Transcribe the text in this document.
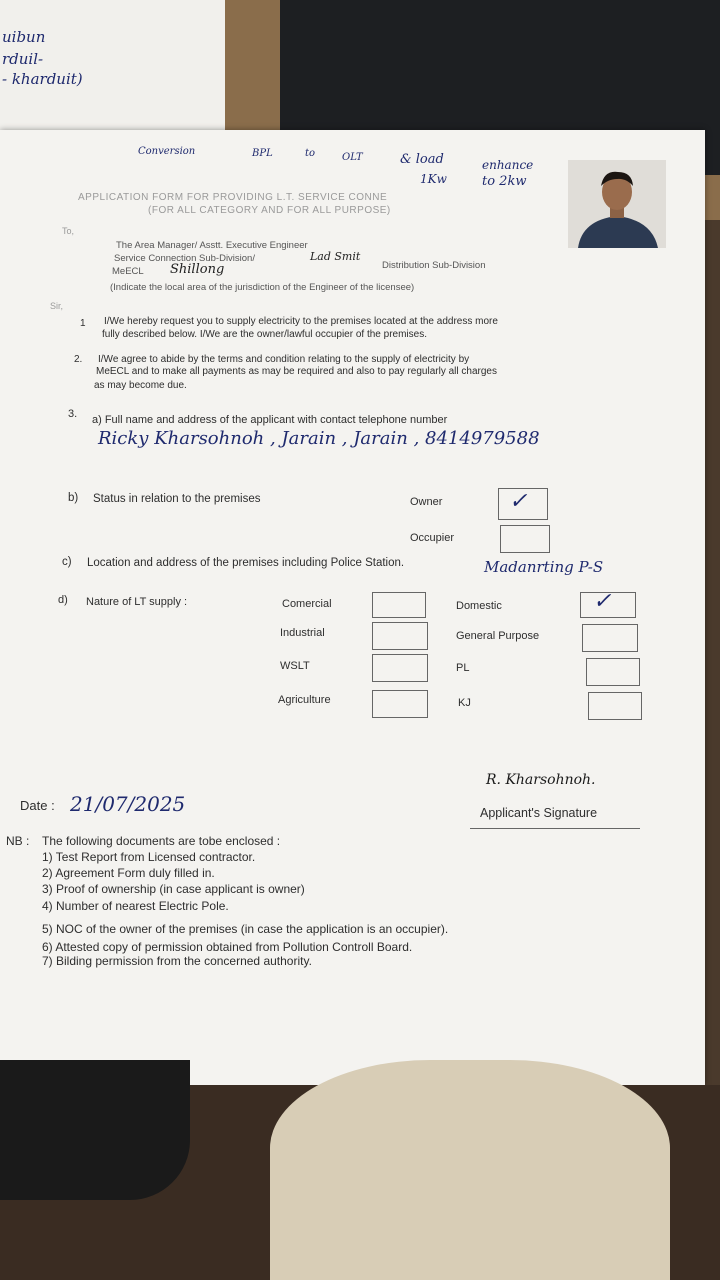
uibun
rduil-
- kharduit)
Conversion	BPL	to	OLT	& load	enhance
1Kw	to 2kw
APPLICATION FORM FOR PROVIDING L.T. SERVICE CONNE
(FOR ALL CATEGORY AND FOR ALL PURPOSE)
To,
The Area Manager/ Asstt. Executive Engineer
Service Connection Sub-Division/	Lad Smit
Distribution Sub-Division
MeECL Shillong
(Indicate the local area of the jurisdiction of the Engineer of the licensee)
Sir,
1 I/We hereby request you to supply electricity to the premises located at the address more
fully described below. I/We are the owner/lawful occupier of the premises.
2. I/We agree to abide by the terms and condition relating to the supply of electricity by
MeECL and to make all payments as may be required and also to pay regularly all charges
as may become due.
3. a) Full name and address of the applicant with contact telephone number
Ricky Kharsohnoh , Jarain , Jarain , 8414979588
b) Status in relation to the premises	Owner	✓
Occupier
c) Location and address of the premises including Police Station.	Madanrting P-S
d) Nature of LT supply :	Comercial	Domestic	✓
Industrial	General Purpose
WSLT	PL
Agriculture	KJ
Date : 21/07/2025
R. Kharsohnoh.
Applicant's Signature
NB : The following documents are tobe enclosed :
1) Test Report from Licensed contractor.
2) Agreement Form duly filled in.
3) Proof of ownership (in case applicant is owner)
4) Number of nearest Electric Pole.
5) NOC of the owner of the premises (in case the application is an occupier).
6) Attested copy of permission obtained from Pollution Controll Board.
7) Bilding permission from the concerned authority.
